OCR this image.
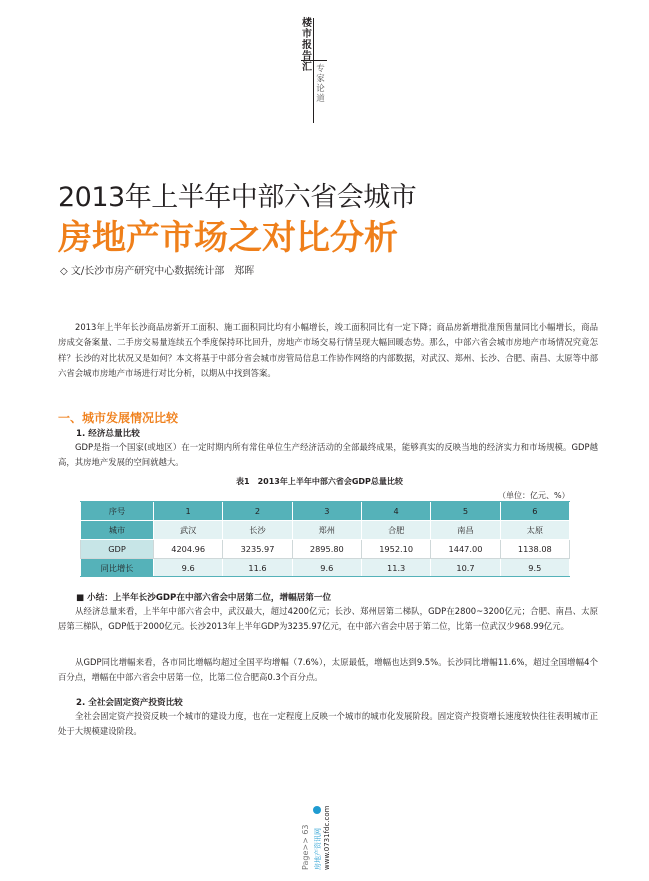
楼市报告汇 专家论道
2013年上半年中部六省会城市
房地产市场之对比分析
◇ 文/长沙市房产研究中心数据统计部　郑晖
2013年上半年长沙商品房新开工面积、施工面积同比均有小幅增长，竣工面积同比有一定下降；商品房新增批准预售量同比小幅增长，商品房成交备案量、二手房交易量连续五个季度保持环比回升，房地产市场交易行情呈现大幅回暖态势。那么，中部六省会城市房地产市场情况究竟怎样？长沙的对比状况又是如何？本文将基于中部分省会城市房管局信息工作协作网络的内部数据，对武汉、郑州、长沙、合肥、南昌、太原等中部六省会城市房地产市场进行对比分析，以期从中找到答案。
一、城市发展情况比较
1. 经济总量比较
GDP是指一个国家(或地区）在一定时期内所有常住单位生产经济活动的全部最终成果，能够真实的反映当地的经济实力和市场规模。GDP越高，其房地产发展的空间就越大。
表1　2013年上半年中部六省会GDP总量比较
（单位：亿元、%）
序号	1	2	3	4	5	6
城市	武汉	长沙	郑州	合肥	南昌	太原
GDP	4204.96	3235.97	2895.80	1952.10	1447.00	1138.08
同比增长	9.6	11.6	9.6	11.3	10.7	9.5
■ 小结：上半年长沙GDP在中部六省会中居第二位，增幅居第一位
从经济总量来看，上半年中部六省会中，武汉最大，超过4200亿元；长沙、郑州居第二梯队，GDP在2800~3200亿元；合肥、南昌、太原居第三梯队，GDP低于2000亿元。长沙2013年上半年GDP为3235.97亿元，在中部六省会中居于第二位，比第一位武汉少968.99亿元。
从GDP同比增幅来看，各市同比增幅均超过全国平均增幅（7.6%），太原最低，增幅也达到9.5%。长沙同比增幅11.6%，超过全国增幅4个百分点，增幅在中部六省会中居第一位，比第二位合肥高0.3个百分点。
2. 全社会固定资产投资比较
全社会固定资产投资反映一个城市的建设力度，也在一定程度上反映一个城市的城市化发展阶段。固定资产投资增长速度较快往往表明城市正处于大规模建设阶段。
Page>> 63 房地产资讯网 www.0731fdc.com
